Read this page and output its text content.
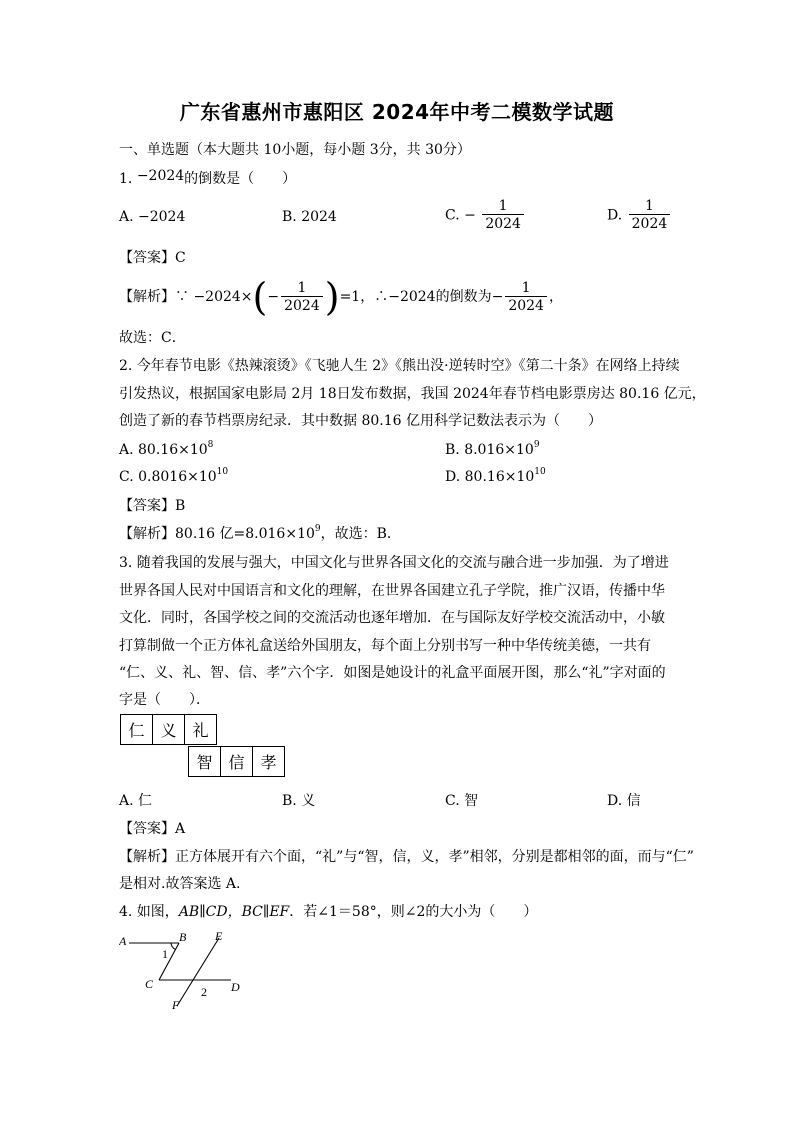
广东省惠州市惠阳区 2024年中考二模数学试题
一、单选题（本大题共 10小题，每小题 3分，共 30分）
1. −2024的倒数是（　　）
A. −2024	B. 2024	C. − $\frac{1}{2024}$	D. $\frac{1}{2024}$
【答案】C
【解析】∵ $-2024\times(- \frac{1}{2024} )=1$，∴−2024的倒数为− $\frac{1}{2024}$ ，
故选：C．
2. 今年春节电影《热辣滚烫》《飞驰人生 2》《熊出没·逆转时空》《第二十条》在网络上持续
引发热议，根据国家电影局 2月 18日发布数据，我国 2024年春节档电影票房达 80.16 亿元，
创造了新的春节档票房纪录．其中数据 80.16 亿用科学记数法表示为（　　）
A. $80.16\times 10^8$	B. $8.016\times 10^9$
C. $0.8016\times 10^{10}$	D. $80.16\times 10^{10}$
【答案】B
【解析】80.16 亿$=8.016\times 10^9$，故选：B．
3. 随着我国的发展与强大，中国文化与世界各国文化的交流与融合进一步加强．为了增进
世界各国人民对中国语言和文化的理解，在世界各国建立孔子学院，推广汉语，传播中华
文化．同时，各国学校之间的交流活动也逐年增加．在与国际友好学校交流活动中，小敏
打算制做一个正方体礼盒送给外国朋友，每个面上分别书写一种中华传统美德，一共有
“仁、义、礼、智、信、孝”六个字．如图是她设计的礼盒平面展开图，那么“礼”字对面的
字是（　　）．
仁	义	礼
智	信	孝
A. 仁	B. 义	C. 智	D. 信
【答案】A
【解析】正方体展开有六个面，“礼”与“智，信，义，孝”相邻，分别是都相邻的面，而与“仁”
是相对.故答案选 A.
4. 如图，AB∥CD，BC∥EF．若∠1＝58°，则∠2的大小为（　　）
A	B E
C	D
F
1
2
